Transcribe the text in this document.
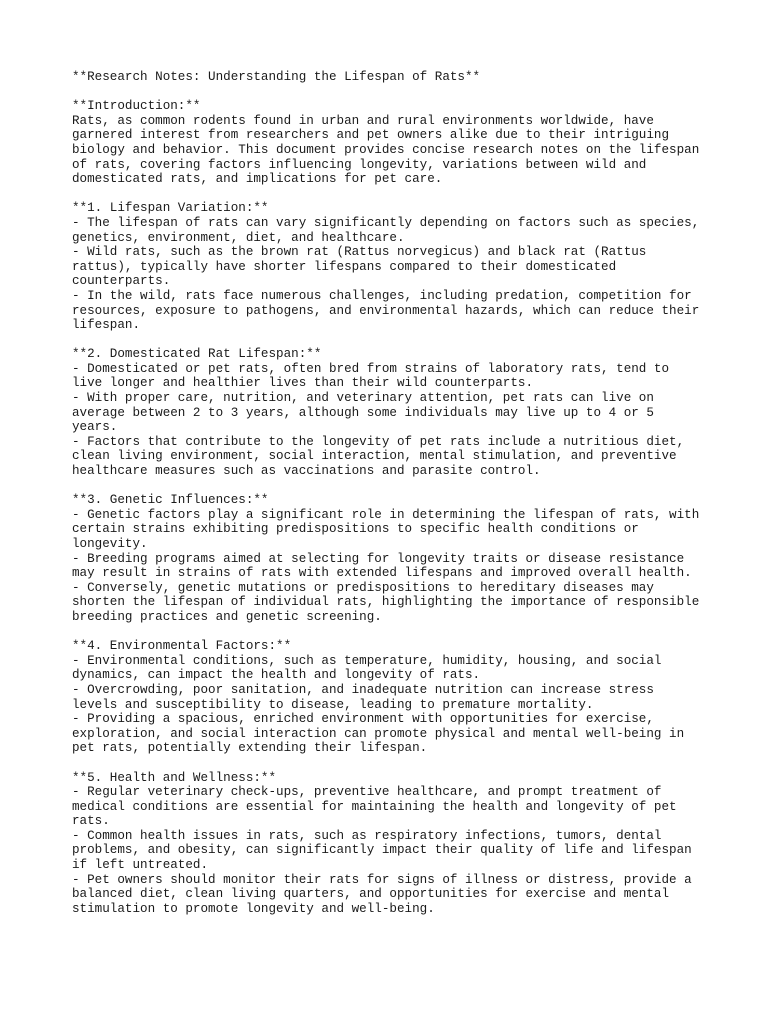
**Research Notes: Understanding the Lifespan of Rats**
**Introduction:**
Rats, as common rodents found in urban and rural environments worldwide, have
garnered interest from researchers and pet owners alike due to their intriguing
biology and behavior. This document provides concise research notes on the lifespan
of rats, covering factors influencing longevity, variations between wild and
domesticated rats, and implications for pet care.
**1. Lifespan Variation:**
- The lifespan of rats can vary significantly depending on factors such as species,
genetics, environment, diet, and healthcare.
- Wild rats, such as the brown rat (Rattus norvegicus) and black rat (Rattus
rattus), typically have shorter lifespans compared to their domesticated
counterparts.
- In the wild, rats face numerous challenges, including predation, competition for
resources, exposure to pathogens, and environmental hazards, which can reduce their
lifespan.
**2. Domesticated Rat Lifespan:**
- Domesticated or pet rats, often bred from strains of laboratory rats, tend to
live longer and healthier lives than their wild counterparts.
- With proper care, nutrition, and veterinary attention, pet rats can live on
average between 2 to 3 years, although some individuals may live up to 4 or 5
years.
- Factors that contribute to the longevity of pet rats include a nutritious diet,
clean living environment, social interaction, mental stimulation, and preventive
healthcare measures such as vaccinations and parasite control.
**3. Genetic Influences:**
- Genetic factors play a significant role in determining the lifespan of rats, with
certain strains exhibiting predispositions to specific health conditions or
longevity.
- Breeding programs aimed at selecting for longevity traits or disease resistance
may result in strains of rats with extended lifespans and improved overall health.
- Conversely, genetic mutations or predispositions to hereditary diseases may
shorten the lifespan of individual rats, highlighting the importance of responsible
breeding practices and genetic screening.
**4. Environmental Factors:**
- Environmental conditions, such as temperature, humidity, housing, and social
dynamics, can impact the health and longevity of rats.
- Overcrowding, poor sanitation, and inadequate nutrition can increase stress
levels and susceptibility to disease, leading to premature mortality.
- Providing a spacious, enriched environment with opportunities for exercise,
exploration, and social interaction can promote physical and mental well-being in
pet rats, potentially extending their lifespan.
**5. Health and Wellness:**
- Regular veterinary check-ups, preventive healthcare, and prompt treatment of
medical conditions are essential for maintaining the health and longevity of pet
rats.
- Common health issues in rats, such as respiratory infections, tumors, dental
problems, and obesity, can significantly impact their quality of life and lifespan
if left untreated.
- Pet owners should monitor their rats for signs of illness or distress, provide a
balanced diet, clean living quarters, and opportunities for exercise and mental
stimulation to promote longevity and well-being.
